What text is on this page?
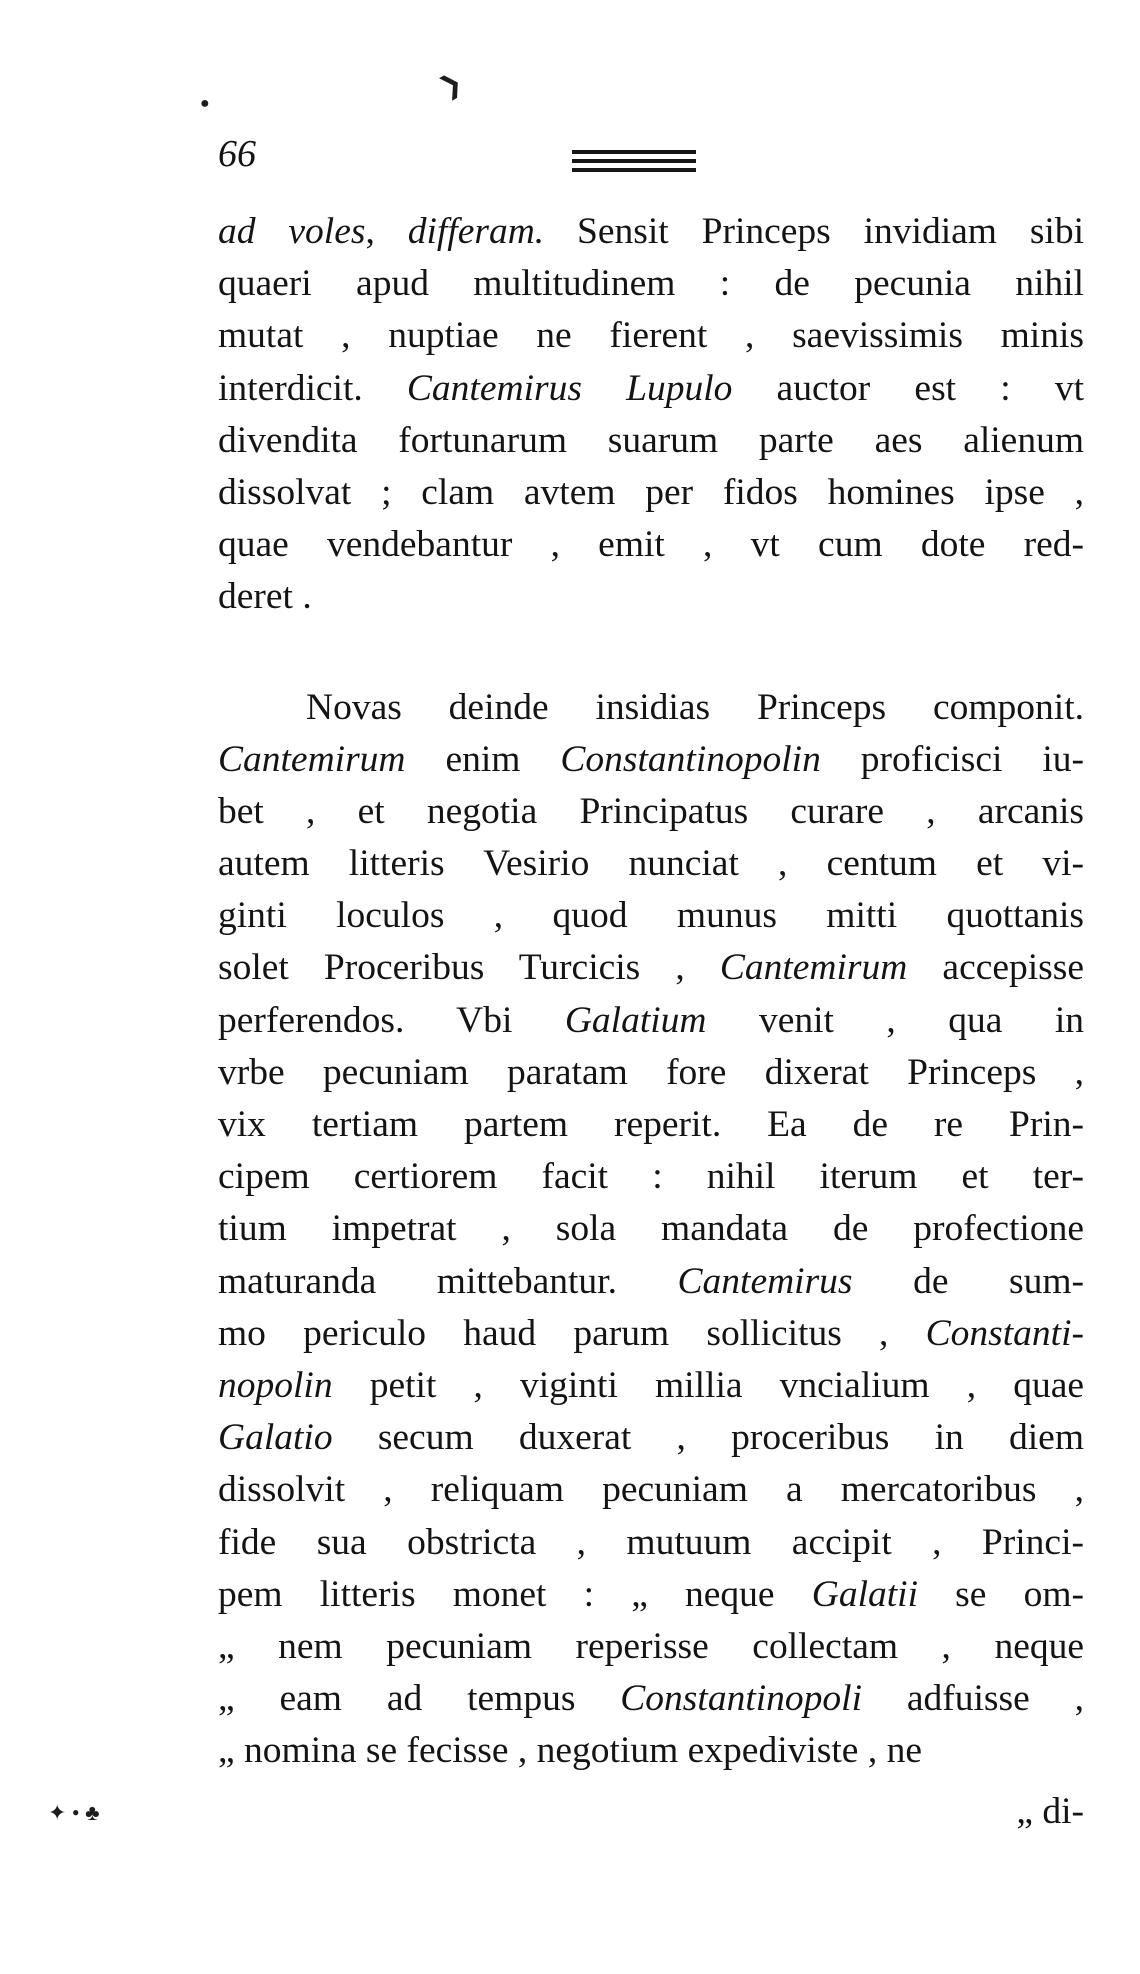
66
ad voles, differam. Sensit Princeps invidiam sibi
quaeri apud multitudinem : de pecunia nihil
mutat , nuptiae ne fierent , saevissimis minis
interdicit. Cantemirus Lupulo auctor est : vt
divendita fortunarum suarum parte aes alienum
dissolvat ; clam avtem per fidos homines ipse ,
quae vendebantur , emit , vt cum dote red-
deret .
Novas deinde insidias Princeps componit.
Cantemirum enim Constantinopolin proficisci iu-
bet , et negotia Principatus curare , arcanis
autem litteris Vesirio nunciat , centum et vi-
ginti loculos , quod munus mitti quottanis
solet Proceribus Turcicis , Cantemirum accepisse
perferendos. Vbi Galatium venit , qua in
vrbe pecuniam paratam fore dixerat Princeps ,
vix tertiam partem reperit. Ea de re Prin-
cipem certiorem facit : nihil iterum et ter-
tium impetrat , sola mandata de profectione
maturanda mittebantur. Cantemirus de sum-
mo periculo haud parum sollicitus , Constanti-
nopolin petit , viginti millia vncialium , quae
Galatio secum duxerat , proceribus in diem
dissolvit , reliquam pecuniam a mercatoribus ,
fide sua obstricta , mutuum accipit , Princi-
pem litteris monet : „ neque Galatii se om-
„ nem pecuniam reperisse collectam , neque
„ eam ad tempus Constantinopoli adfuisse ,
„ nomina se fecisse , negotium expediviste , ne
„ di-
❯
●
✦ • ♣
